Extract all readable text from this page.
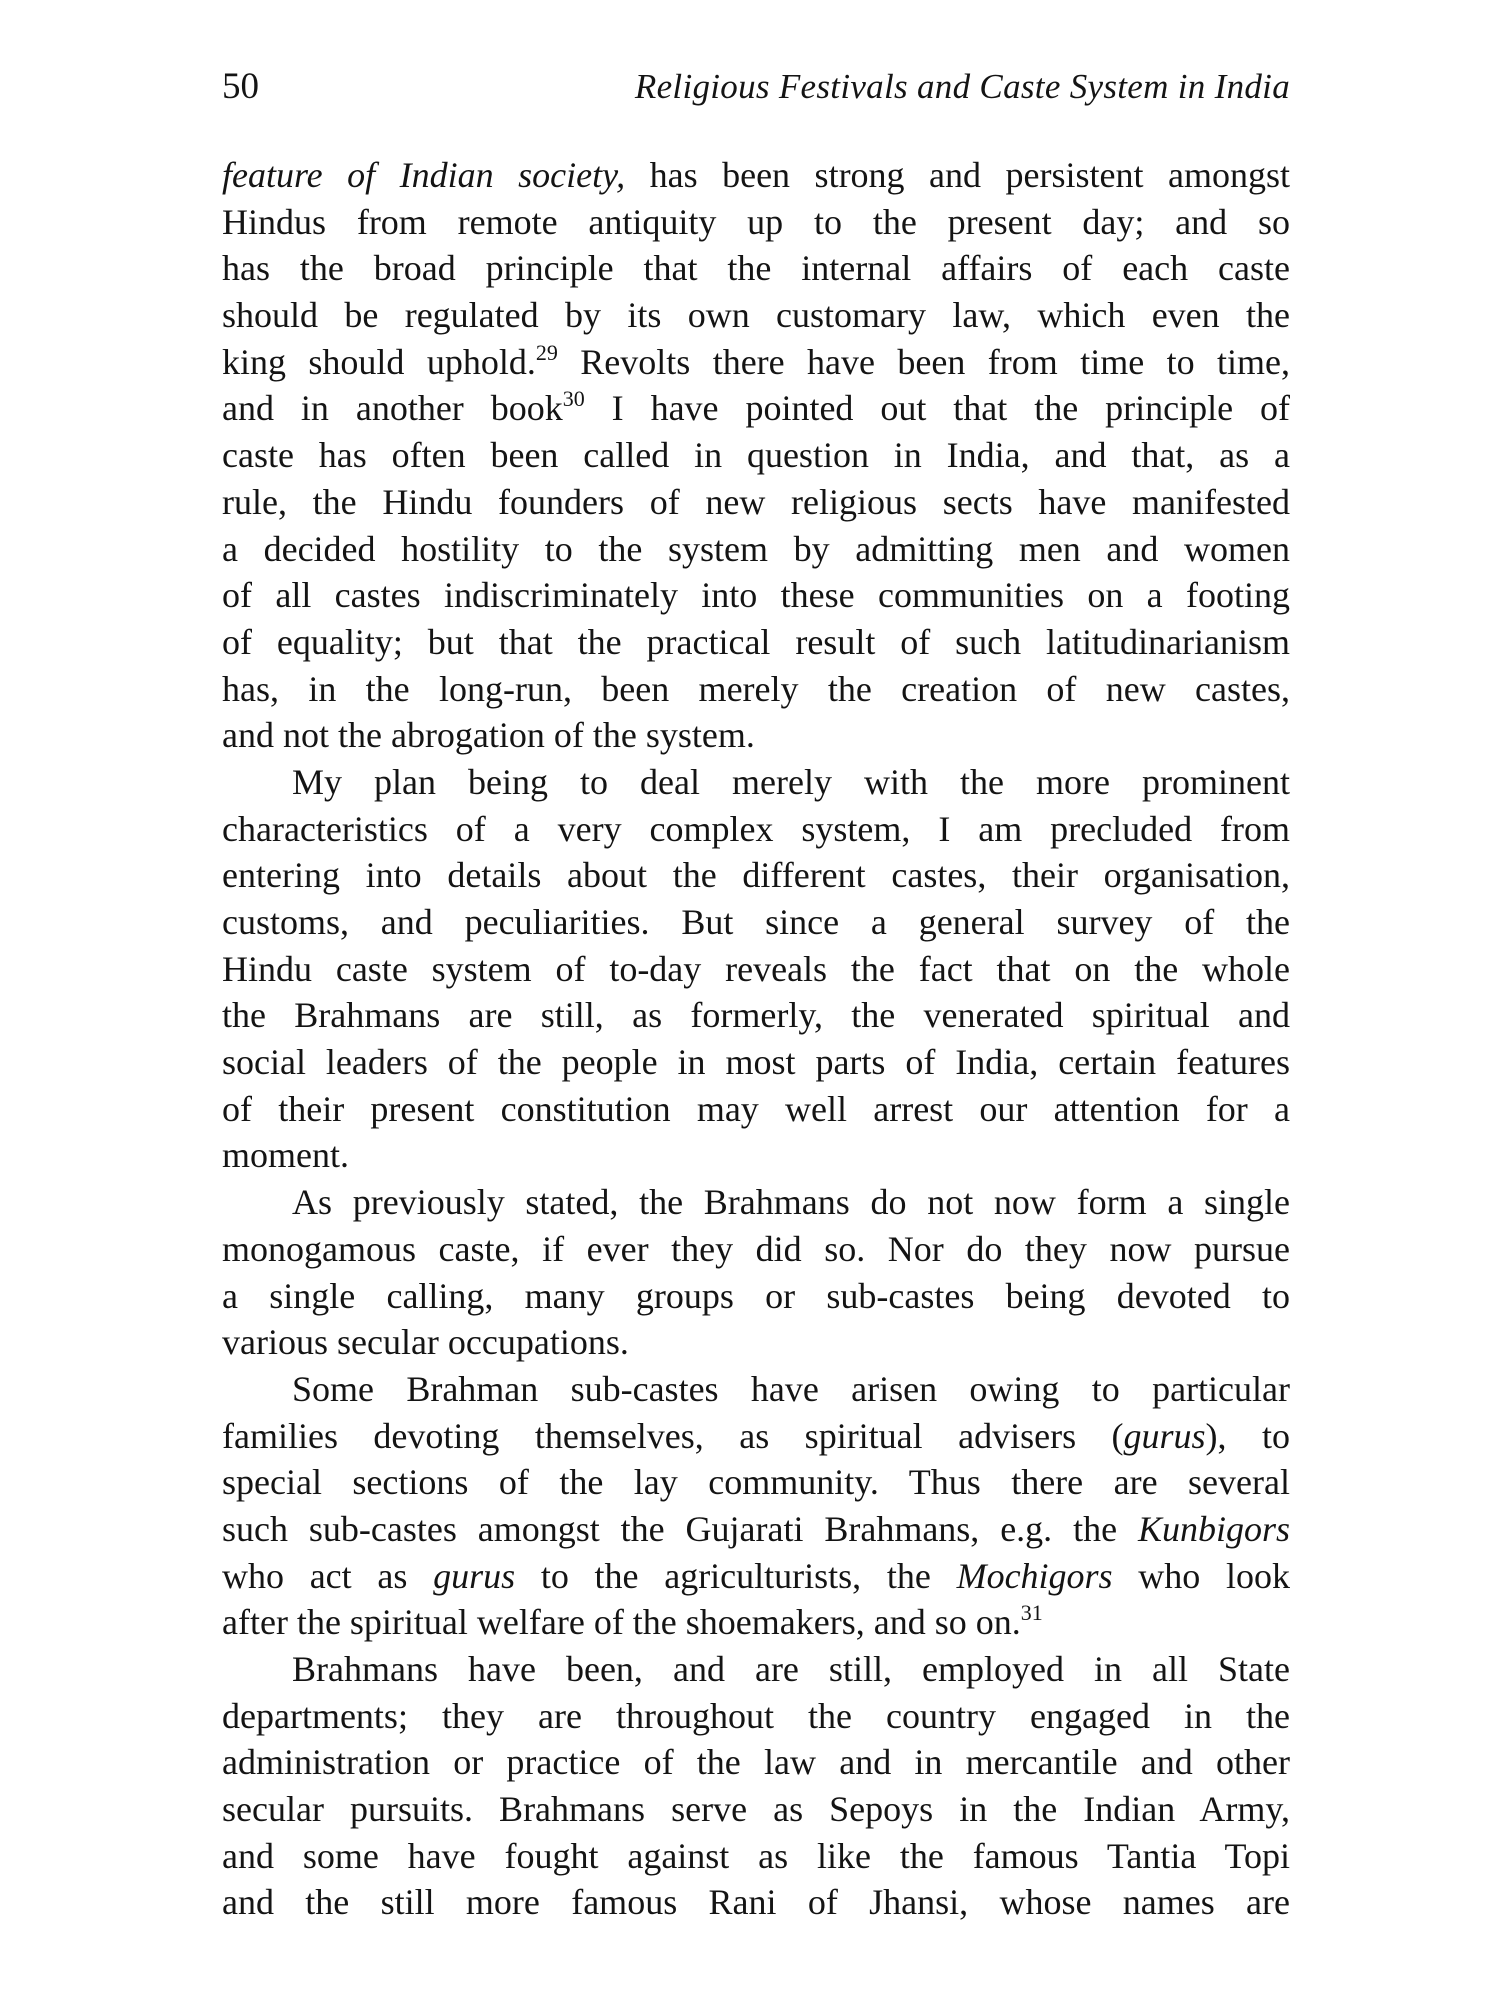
50	Religious Festivals and Caste System in India
feature of Indian society, has been strong and persistent amongst
Hindus from remote antiquity up to the present day; and so
has the broad principle that the internal affairs of each caste
should be regulated by its own customary law, which even the
king should uphold.$^{29}$ Revolts there have been from time to time,
and in another book$^{30}$ I have pointed out that the principle of
caste has often been called in question in India, and that, as a
rule, the Hindu founders of new religious sects have manifested
a decided hostility to the system by admitting men and women
of all castes indiscriminately into these communities on a footing
of equality; but that the practical result of such latitudinarianism
has, in the long-run, been merely the creation of new castes,
and not the abrogation of the system.
My plan being to deal merely with the more prominent
characteristics of a very complex system, I am precluded from
entering into details about the different castes, their organisation,
customs, and peculiarities. But since a general survey of the
Hindu caste system of to-day reveals the fact that on the whole
the Brahmans are still, as formerly, the venerated spiritual and
social leaders of the people in most parts of India, certain features
of their present constitution may well arrest our attention for a
moment.
As previously stated, the Brahmans do not now form a single
monogamous caste, if ever they did so. Nor do they now pursue
a single calling, many groups or sub-castes being devoted to
various secular occupations.
Some Brahman sub-castes have arisen owing to particular
families devoting themselves, as spiritual advisers (gurus), to
special sections of the lay community. Thus there are several
such sub-castes amongst the Gujarati Brahmans, e.g. the Kunbigors
who act as gurus to the agriculturists, the Mochigors who look
after the spiritual welfare of the shoemakers, and so on.$^{31}$
Brahmans have been, and are still, employed in all State
departments; they are throughout the country engaged in the
administration or practice of the law and in mercantile and other
secular pursuits. Brahmans serve as Sepoys in the Indian Army,
and some have fought against as like the famous Tantia Topi
and the still more famous Rani of Jhansi, whose names are
